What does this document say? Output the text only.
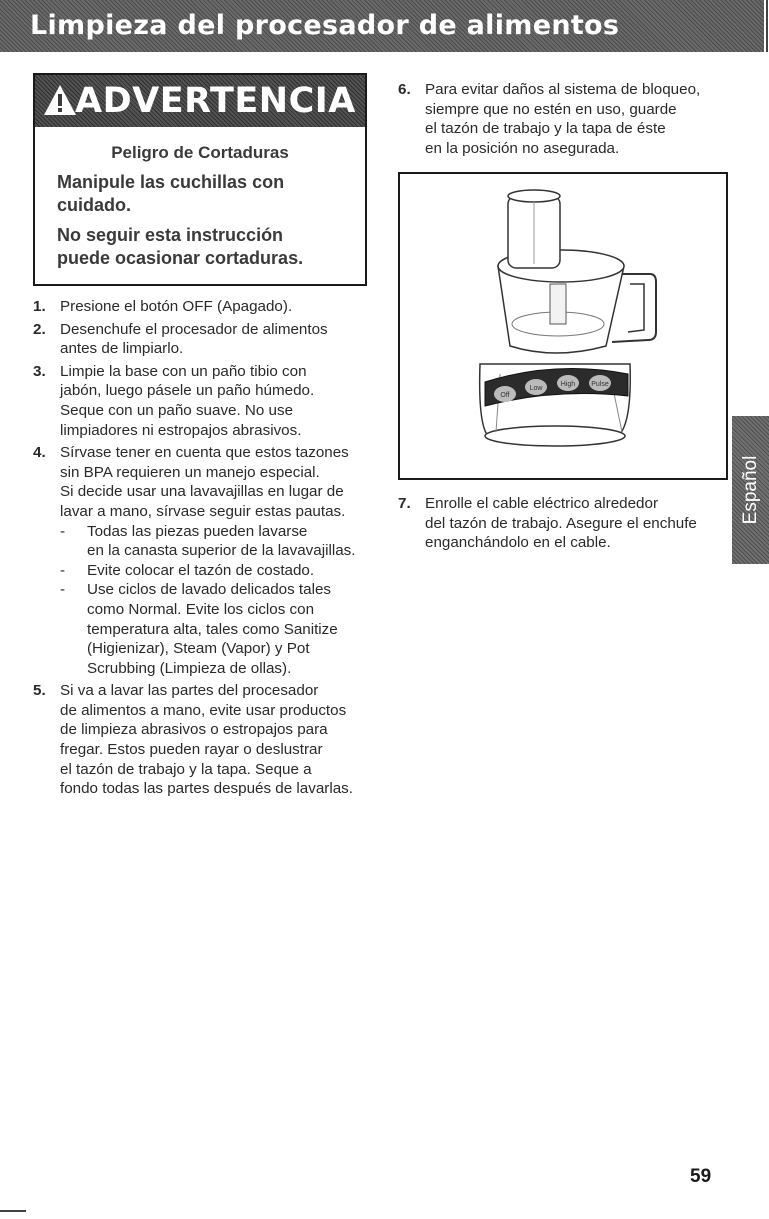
Limpieza del procesador de alimentos
ADVERTENCIA
Peligro de Cortaduras
Manipule las cuchillas con
cuidado.
No seguir esta instrucción
puede ocasionar cortaduras.
1. Presione el botón OFF (Apagado).
2. Desenchufe el procesador de alimentos
antes de limpiarlo.
3. Limpie la base con un paño tibio con
jabón, luego pásele un paño húmedo.
Seque con un paño suave. No use
limpiadores ni estropajos abrasivos.
4. Sírvase tener en cuenta que estos tazones
sin BPA requieren un manejo especial.
Si decide usar una lavavajillas en lugar de
lavar a mano, sírvase seguir estas pautas.
- Todas las piezas pueden lavarse
en la canasta superior de la lavavajillas.
- Evite colocar el tazón de costado.
- Use ciclos de lavado delicados tales
como Normal. Evite los ciclos con
temperatura alta, tales como Sanitize
(Higienizar), Steam (Vapor) y Pot
Scrubbing (Limpieza de ollas).
5. Si va a lavar las partes del procesador
de alimentos a mano, evite usar productos
de limpieza abrasivos o estropajos para
fregar. Estos pueden rayar o deslustrar
el tazón de trabajo y la tapa. Seque a
fondo todas las partes después de lavarlas.
6. Para evitar daños al sistema de bloqueo,
siempre que no estén en uso, guarde
el tazón de trabajo y la tapa de éste
en la posición no asegurada.
Off
Low
High Pulse
7. Enrolle el cable eléctrico alrededor
del tazón de trabajo. Asegure el enchufe
enganchándolo en el cable.
Español
59
